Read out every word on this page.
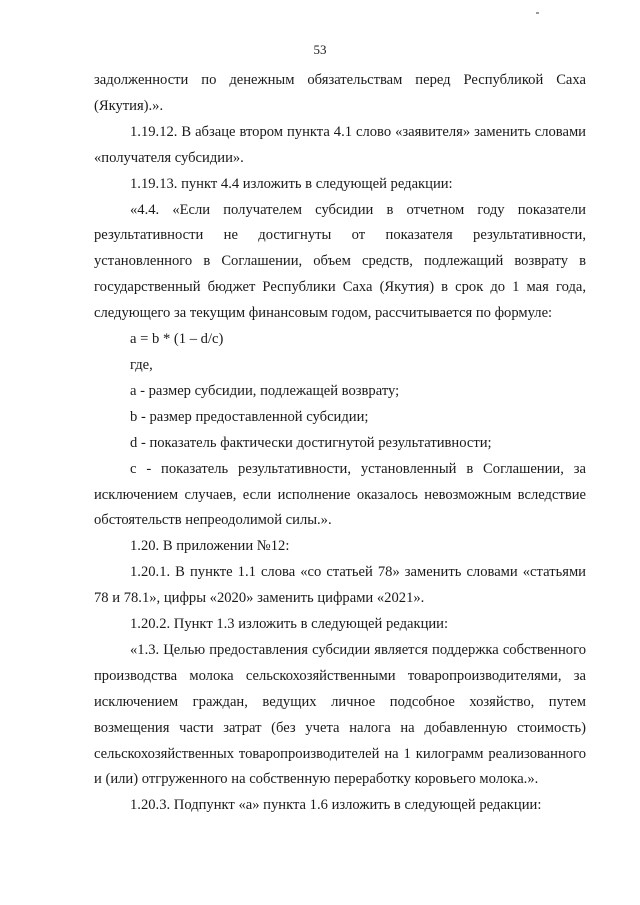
53

задолженности по денежным обязательствам перед Республикой Саха (Якутия).».

1.19.12. В абзаце втором пункта 4.1 слово «заявителя» заменить словами «получателя субсидии».

1.19.13. пункт 4.4 изложить в следующей редакции:

«4.4. «Если получателем субсидии в отчетном году показатели результативности не достигнуты от показателя результативности, установленного в Соглашении, объем средств, подлежащий возврату в государственный бюджет Республики Саха (Якутия) в срок до 1 мая года, следующего за текущим финансовым годом, рассчитывается по формуле:

а = b * (1 – d/c)

где,

а - размер субсидии, подлежащей возврату;

b - размер предоставленной субсидии;

d - показатель фактически достигнутой результативности;

с - показатель результативности, установленный в Соглашении, за исключением случаев, если исполнение оказалось невозможным вследствие обстоятельств непреодолимой силы.».

1.20. В приложении №12:

1.20.1. В пункте 1.1 слова «со статьей 78» заменить словами «статьями 78 и 78.1», цифры «2020» заменить цифрами «2021».

1.20.2. Пункт 1.3 изложить в следующей редакции:

«1.3. Целью предоставления субсидии является поддержка собственного производства молока сельскохозяйственными товаропроизводителями, за исключением граждан, ведущих личное подсобное хозяйство, путем возмещения части затрат (без учета налога на добавленную стоимость) сельскохозяйственных товаропроизводителей на 1 килограмм реализованного и (или) отгруженного на собственную переработку коровьего молока.».

1.20.3. Подпункт «а» пункта 1.6 изложить в следующей редакции:
